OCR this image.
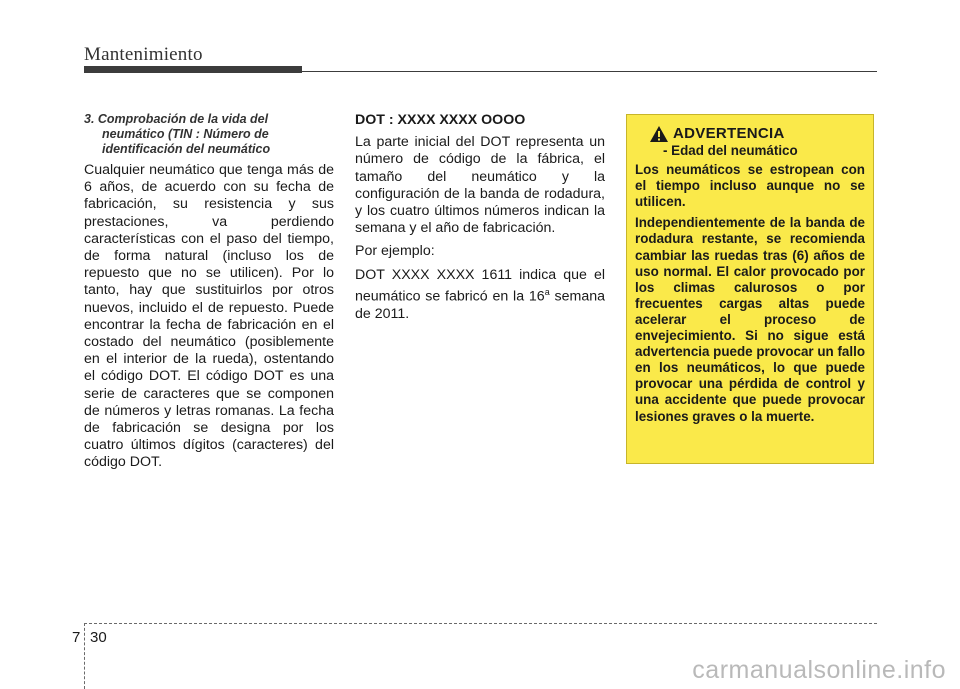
Mantenimiento

3. Comprobación de la vida del neumático (TIN : Número de identificación del neumático

Cualquier neumático que tenga más de 6 años, de acuerdo con su fecha de fabricación, su resistencia y sus prestaciones, va perdiendo características con el paso del tiempo, de forma natural (incluso los de repuesto que no se utilicen). Por lo tanto, hay que sustituirlos por otros nuevos, incluido el de repuesto. Puede encontrar la fecha de fabricación en el costado del neumático (posiblemente en el interior de la rueda), ostentando el código DOT. El código DOT es una serie de caracteres que se componen de números y letras romanas. La fecha de fabricación se designa por los cuatro últimos dígitos (caracteres) del código DOT.

DOT : XXXX XXXX OOOO

La parte inicial del DOT representa un número de código de la fábrica, el tamaño del neumático y la configuración de la banda de rodadura, y los cuatro últimos números indican la semana y el año de fabricación.

Por ejemplo:

DOT XXXX XXXX 1611 indica que el neumático se fabricó en la 16$^a$ semana de 2011.

ADVERTENCIA

- Edad del neumático

Los neumáticos se estropean con el tiempo incluso aunque no se utilicen.

Independientemente de la banda de rodadura restante, se recomienda cambiar las ruedas tras (6) años de uso normal. El calor provocado por los climas calurosos o por frecuentes cargas altas puede acelerar el proceso de envejecimiento. Si no sigue está advertencia puede provocar un fallo en los neumáticos, lo que puede provocar una pérdida de control y una accidente que puede provocar lesiones graves o la muerte.

7 30
carmanualsonline.info
